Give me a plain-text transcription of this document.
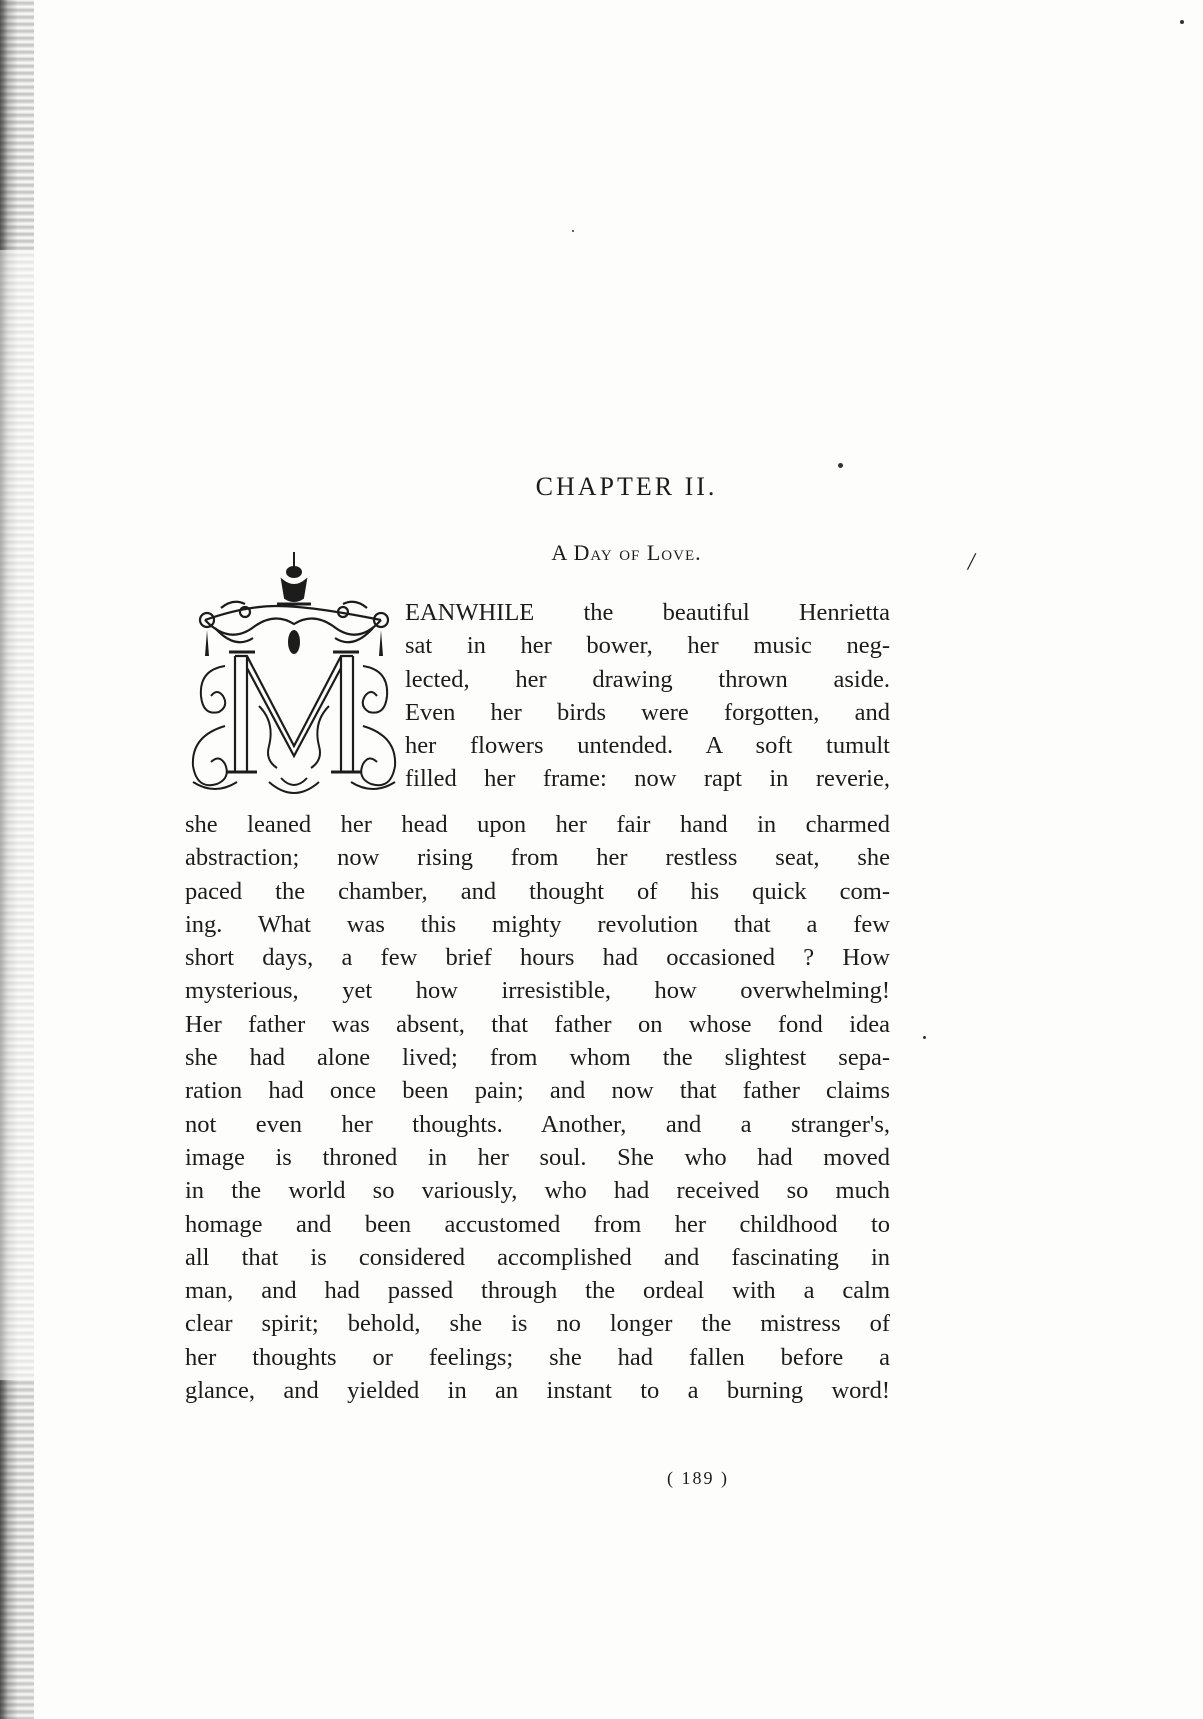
CHAPTER II.
A Day of Love.	/
EANWHILE the beautiful Henrietta
sat in her bower, her music neg-
lected, her drawing thrown aside.
Even her birds were forgotten, and
her flowers untended. A soft tumult
filled her frame: now rapt in reverie,
she leaned her head upon her fair hand in charmed
abstraction; now rising from her restless seat, she
paced the chamber, and thought of his quick com-
ing. What was this mighty revolution that a few
short days, a few brief hours had occasioned ? How
mysterious, yet how irresistible, how overwhelming!
Her father was absent, that father on whose fond idea
she had alone lived; from whom the slightest sepa-
ration had once been pain; and now that father claims
not even her thoughts. Another, and a stranger's,
image is throned in her soul. She who had moved
in the world so variously, who had received so much
homage and been accustomed from her childhood to
all that is considered accomplished and fascinating in
man, and had passed through the ordeal with a calm
clear spirit; behold, she is no longer the mistress of
her thoughts or feelings; she had fallen before a
glance, and yielded in an instant to a burning word!
( 189 )
